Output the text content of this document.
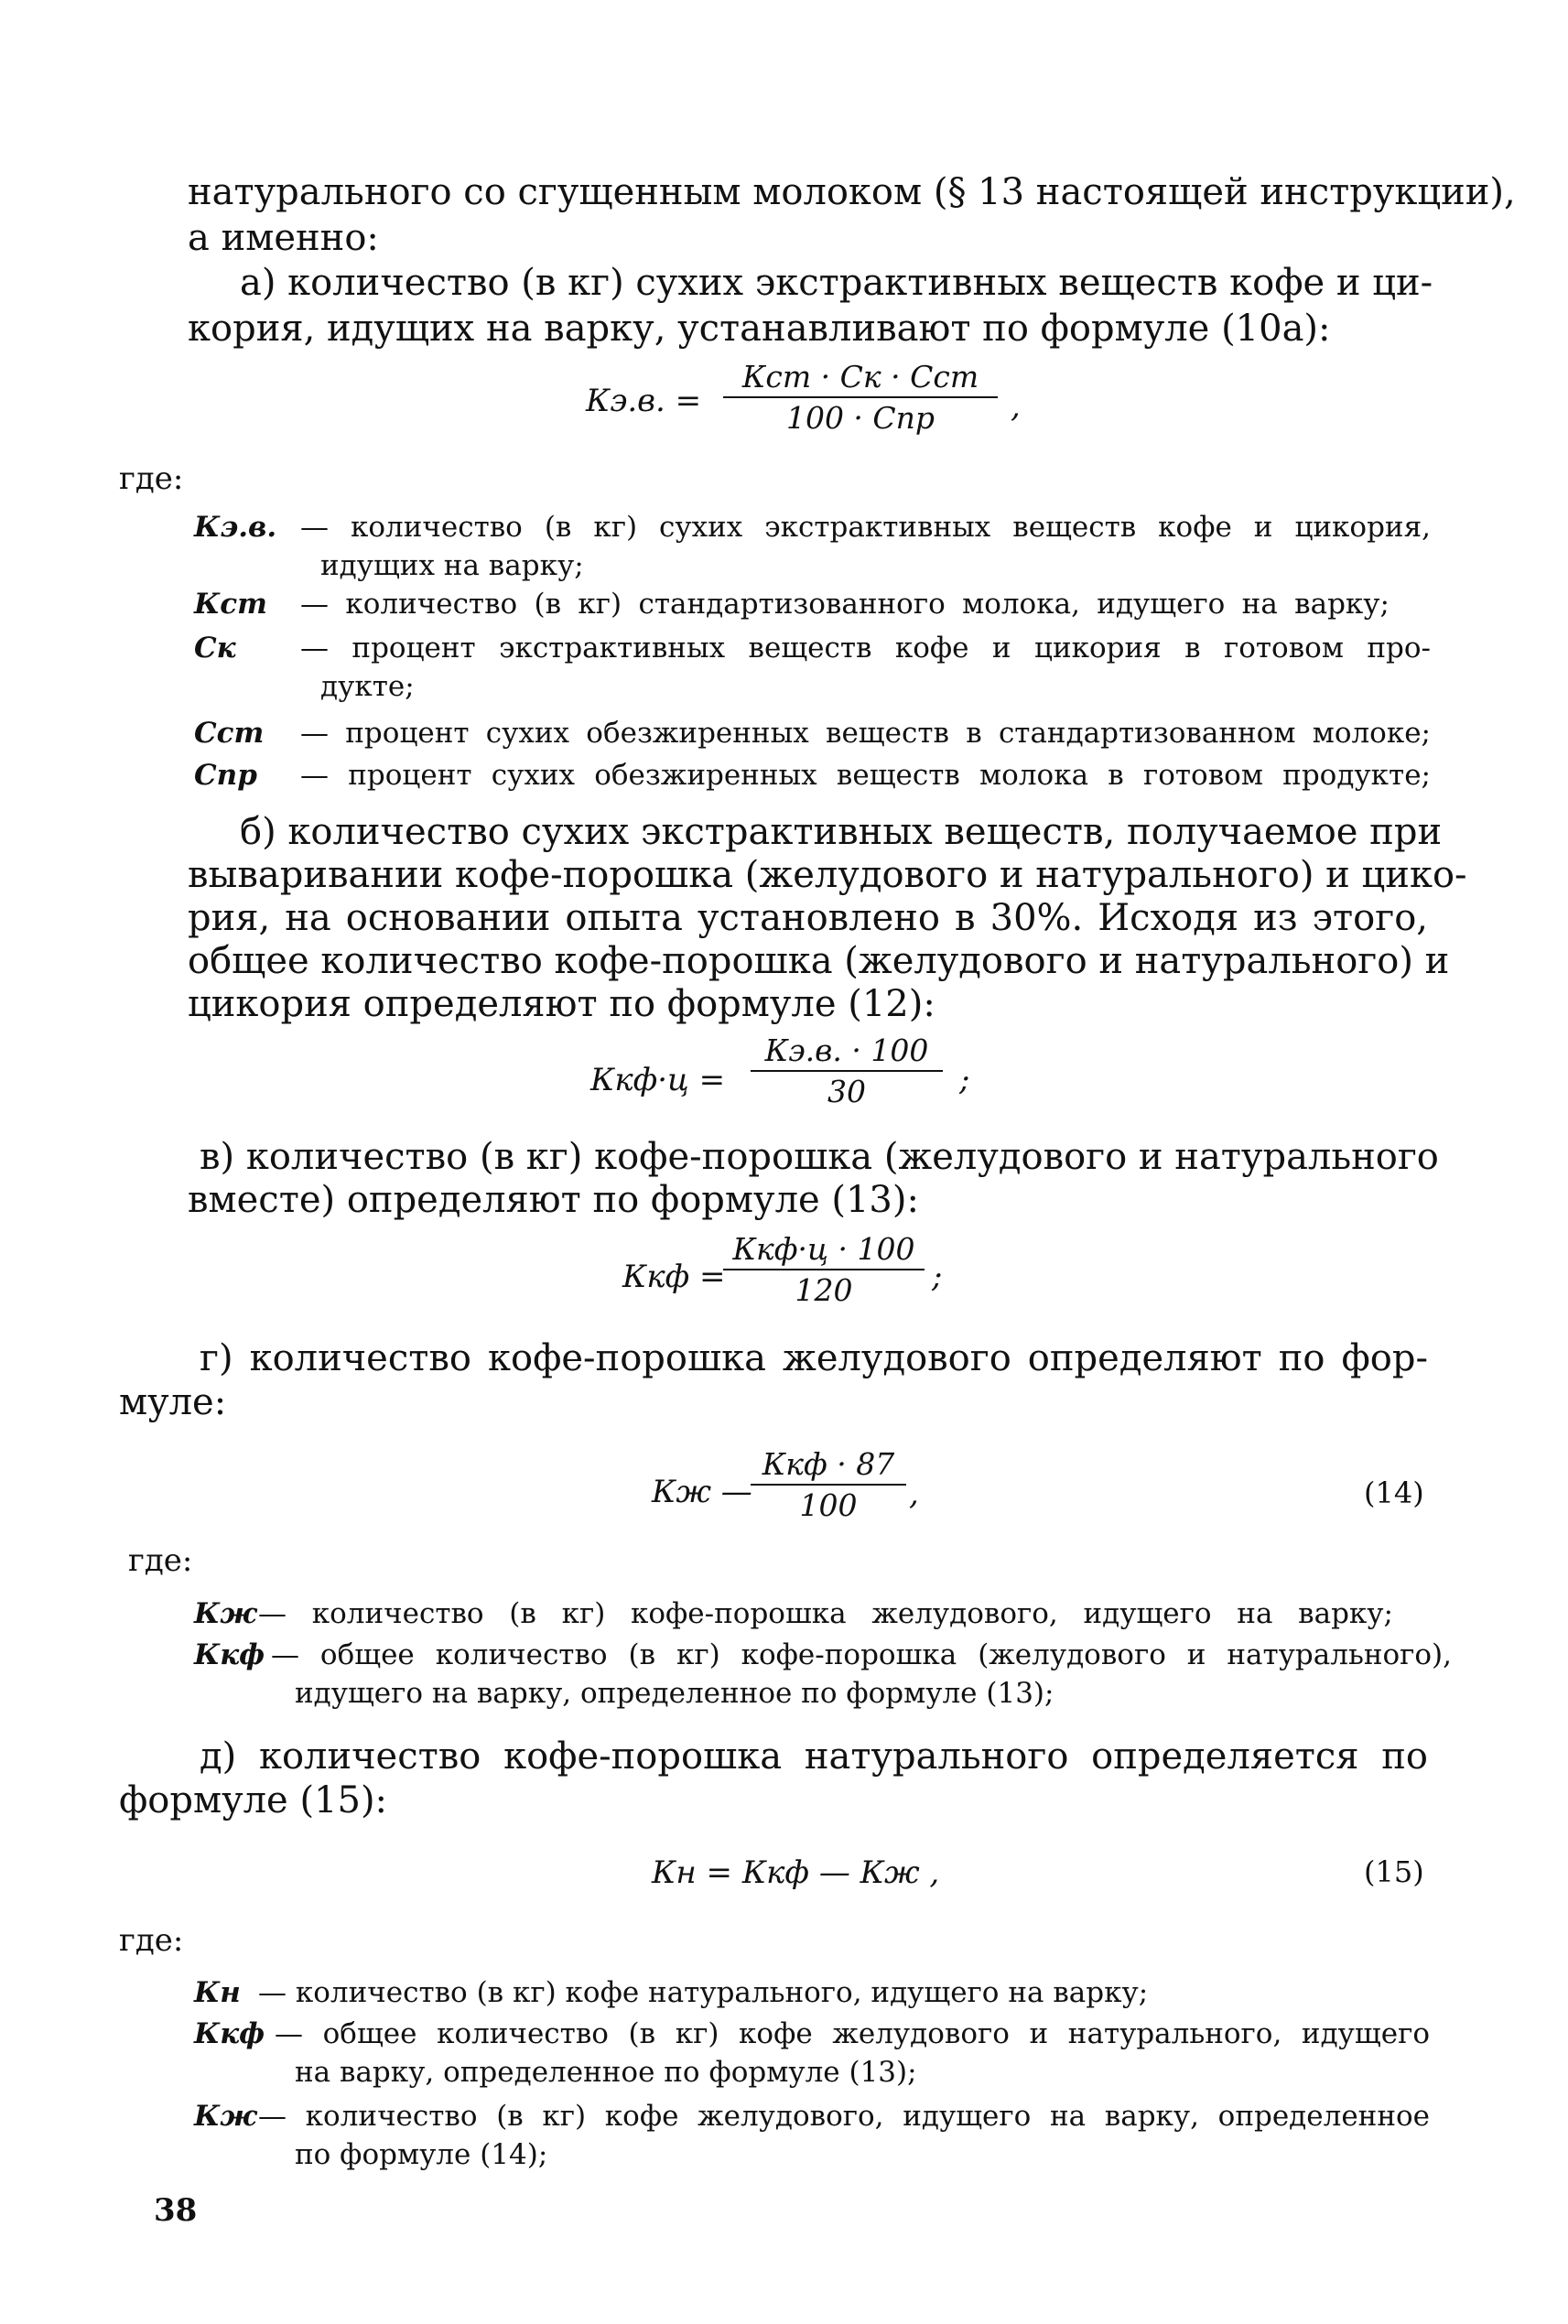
натурального со сгущенным молоком (§ 13 настоящей инструкции),
а именно:
а) количество (в кг) сухих экстрактивных веществ кофе и ци-
кория, идущих на варку, устанавливают по формуле (10а):
Кэ.в. =
Кст · Ск · Сст
100 · Спр ,
где:
Кэ.в. — количество (в кг) сухих экстрактивных веществ кофе и цикория,
идущих на варку;
Кст — количество (в кг) стандартизованного молока, идущего на варку;
Ск — процент экстрактивных веществ кофе и цикория в готовом про-
дукте;
Сст — процент сухих обезжиренных веществ в стандартизованном молоке;
Спр — процент сухих обезжиренных веществ молока в готовом продукте;
б) количество сухих экстрактивных веществ, получаемое при
вываривании кофе-порошка (желудового и натурального) и цико-
рия, на основании опыта установлено в 30%. Исходя из этого,
общее количество кофе-порошка (желудового и натурального) и
цикория определяют по формуле (12):
Ккф·ц =
Кэ.в. · 100
30	;
в) количество (в кг) кофе-порошка (желудового и натурального
вместе) определяют по формуле (13):
Ккф =
Ккф·ц · 100
120	;
г) количество кофе-порошка желудового определяют по фор-
муле:
Кж —
Ккф · 87
100 ,	(14)
где:
Кж — количество (в кг) кофе-порошка желудового, идущего на варку;
Ккф — общее количество (в кг) кофе-порошка (желудового и натурального),
идущего на варку, определенное по формуле (13);
д) количество кофе-порошка натурального определяется по
формуле (15):
Кн = Ккф — Кж ,	(15)
где:
Кн — количество (в кг) кофе натурального, идущего на варку;
Ккф — общее количество (в кг) кофе желудового и натурального, идущего
на варку, определенное по формуле (13);
Кж — количество (в кг) кофе желудового, идущего на варку, определенное
по формуле (14);
38
